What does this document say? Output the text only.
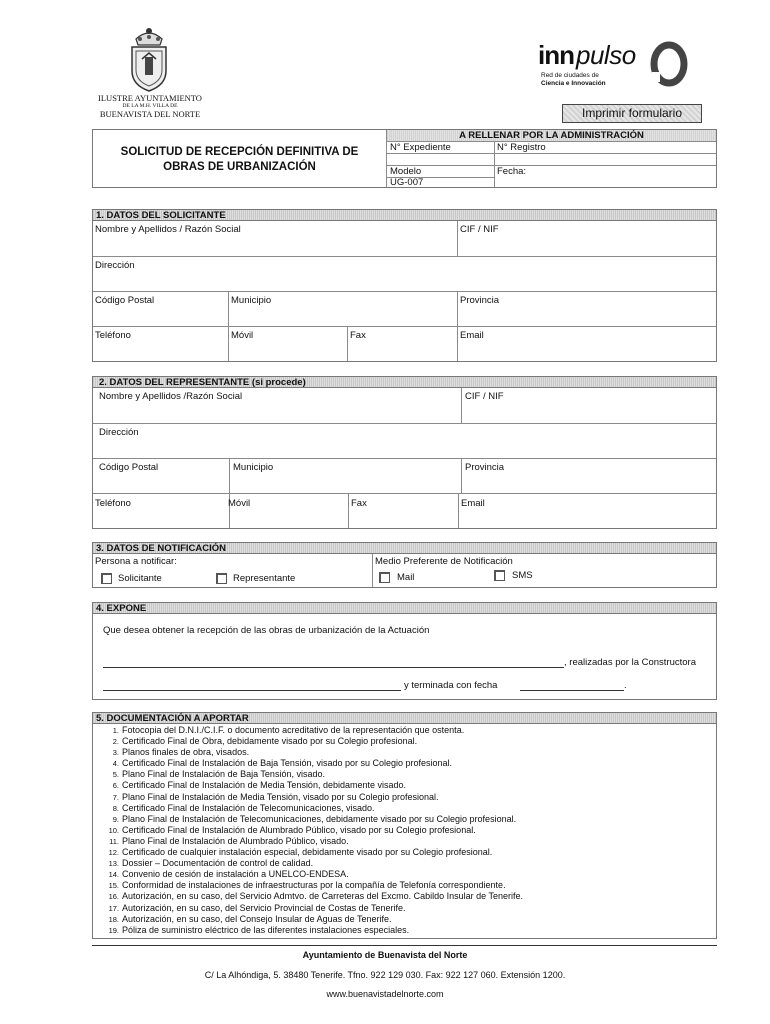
ILUSTRE AYUNTAMIENTO
DE LA M.H. VILLA DE
BUENAVISTA DEL NORTE
inn pulso
Red de ciudades de
Ciencia e Innovación
Imprimir formulario
SOLICITUD DE RECEPCIÓN DEFINITIVA DE
OBRAS DE URBANIZACIÓN
A RELLENAR POR LA ADMINISTRACIÓN
N° Expediente	N° Registro
Modelo	Fecha:
UG-007
1. DATOS DEL SOLICITANTE
Nombre y Apellidos / Razón Social	CIF / NIF
Dirección
Código Postal	Municipio	Provincia
Teléfono	Móvil	Fax	Email
2. DATOS DEL REPRESENTANTE (si procede)
Nombre y Apellidos /Razón Social	CIF / NIF
Dirección
Código Postal	Municipio	Provincia
Teléfono	Móvil	Fax	Email
3. DATOS DE NOTIFICACIÓN
Persona a notificar:
Solicitante	Representante
Medio Preferente de Notificación
Mail	SMS
4. EXPONE
Que desea obtener la recepción de las obras de urbanización de la Actuación
, realizadas por la Constructora
y terminada con fecha	.
5. DOCUMENTACIÓN A APORTAR
1. Fotocopia del D.N.I./C.I.F. o documento acreditativo de la representación que ostenta.
2. Certificado Final de Obra, debidamente visado por su Colegio profesional.
3. Planos finales de obra, visados.
4. Certificado Final de Instalación de Baja Tensión, visado por su Colegio profesional.
5. Plano Final de Instalación de Baja Tensión, visado.
6. Certificado Final de Instalación de Media Tensión, debidamente visado.
7. Plano Final de Instalación de Media Tensión, visado por su Colegio profesional.
8. Certificado Final de Instalación de Telecomunicaciones, visado.
9. Plano Final de Instalación de Telecomunicaciones, debidamente visado por su Colegio profesional.
10. Certificado Final de Instalación de Alumbrado Público, visado por su Colegio profesional.
11. Plano Final de Instalación de Alumbrado Público, visado.
12. Certificado de cualquier instalación especial, debidamente visado por su Colegio profesional.
13. Dossier – Documentación de control de calidad.
14. Convenio de cesión de instalación a UNELCO-ENDESA.
15. Conformidad de instalaciones de infraestructuras por la compañía de Telefonía correspondiente.
16. Autorización, en su caso, del Servicio Admtvo. de Carreteras del Excmo. Cabildo Insular de Tenerife.
17. Autorización, en su caso, del Servicio Provincial de Costas de Tenerife.
18. Autorización, en su caso, del Consejo Insular de Aguas de Tenerife.
19. Póliza de suministro eléctrico de las diferentes instalaciones especiales.
Ayuntamiento de Buenavista del Norte
C/ La Alhóndiga, 5. 38480 Tenerife. Tfno. 922 129 030. Fax: 922 127 060. Extensión 1200.
www.buenavistadelnorte.com
